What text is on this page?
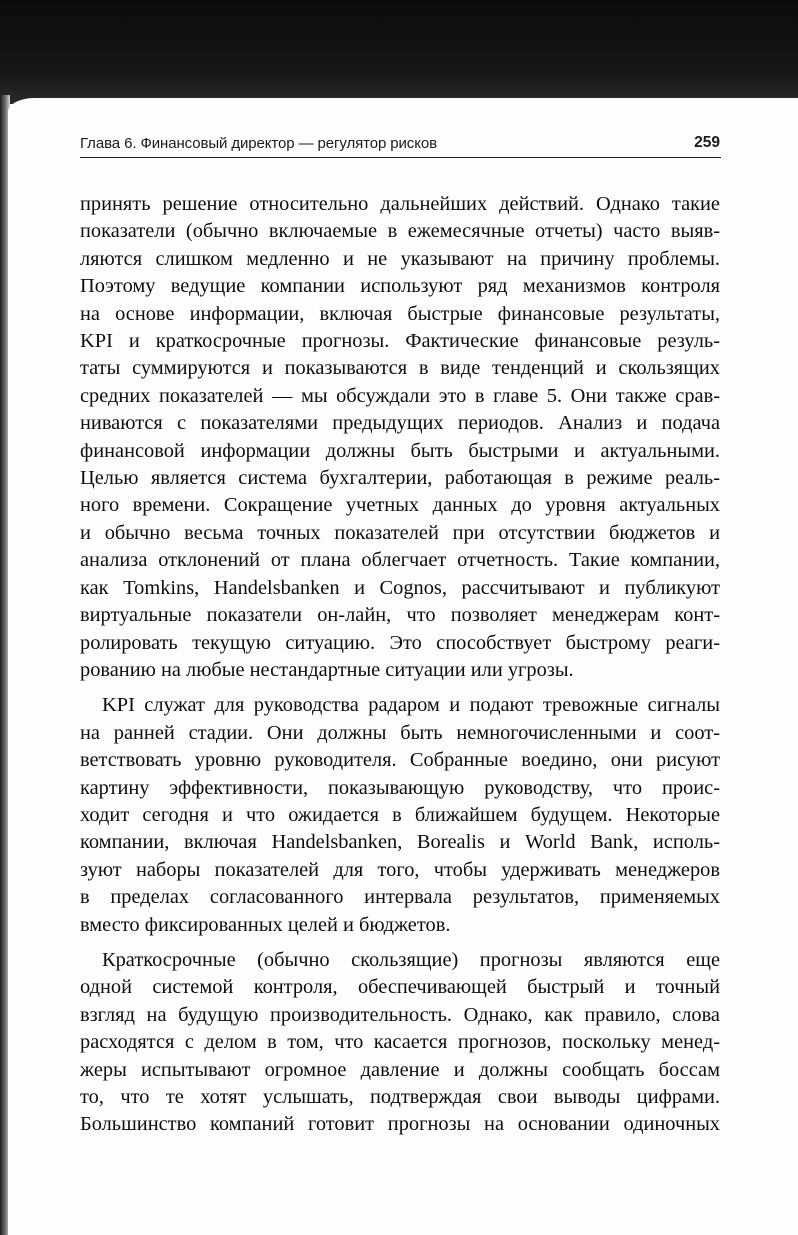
Глава 6. Финансовый директор — регулятор рисков	259

принять решение относительно дальнейших действий. Однако такие
показатели (обычно включаемые в ежемесячные отчеты) часто выяв-
ляются слишком медленно и не указывают на причину проблемы.
Поэтому ведущие компании используют ряд механизмов контроля
на основе информации, включая быстрые финансовые результаты,
KPI и краткосрочные прогнозы. Фактические финансовые резуль-
таты суммируются и показываются в виде тенденций и скользящих
средних показателей — мы обсуждали это в главе 5. Они также срав-
ниваются с показателями предыдущих периодов. Анализ и подача
финансовой информации должны быть быстрыми и актуальными.
Целью является система бухгалтерии, работающая в режиме реаль-
ного времени. Сокращение учетных данных до уровня актуальных
и обычно весьма точных показателей при отсутствии бюджетов и
анализа отклонений от плана облегчает отчетность. Такие компании,
как Tomkins, Handelsbanken и Cognos, рассчитывают и публикуют
виртуальные показатели он-лайн, что позволяет менеджерам конт-
ролировать текущую ситуацию. Это способствует быстрому реаги-
рованию на любые нестандартные ситуации или угрозы.

KPI служат для руководства радаром и подают тревожные сигналы
на ранней стадии. Они должны быть немногочисленными и соот-
ветствовать уровню руководителя. Собранные воедино, они рисуют
картину эффективности, показывающую руководству, что проис-
ходит сегодня и что ожидается в ближайшем будущем. Некоторые
компании, включая Handelsbanken, Borealis и World Bank, исполь-
зуют наборы показателей для того, чтобы удерживать менеджеров
в пределах согласованного интервала результатов, применяемых
вместо фиксированных целей и бюджетов.

Краткосрочные (обычно скользящие) прогнозы являются еще
одной системой контроля, обеспечивающей быстрый и точный
взгляд на будущую производительность. Однако, как правило, слова
расходятся с делом в том, что касается прогнозов, поскольку менед-
жеры испытывают огромное давление и должны сообщать боссам
то, что те хотят услышать, подтверждая свои выводы цифрами.
Большинство компаний готовит прогнозы на основании одиночных
